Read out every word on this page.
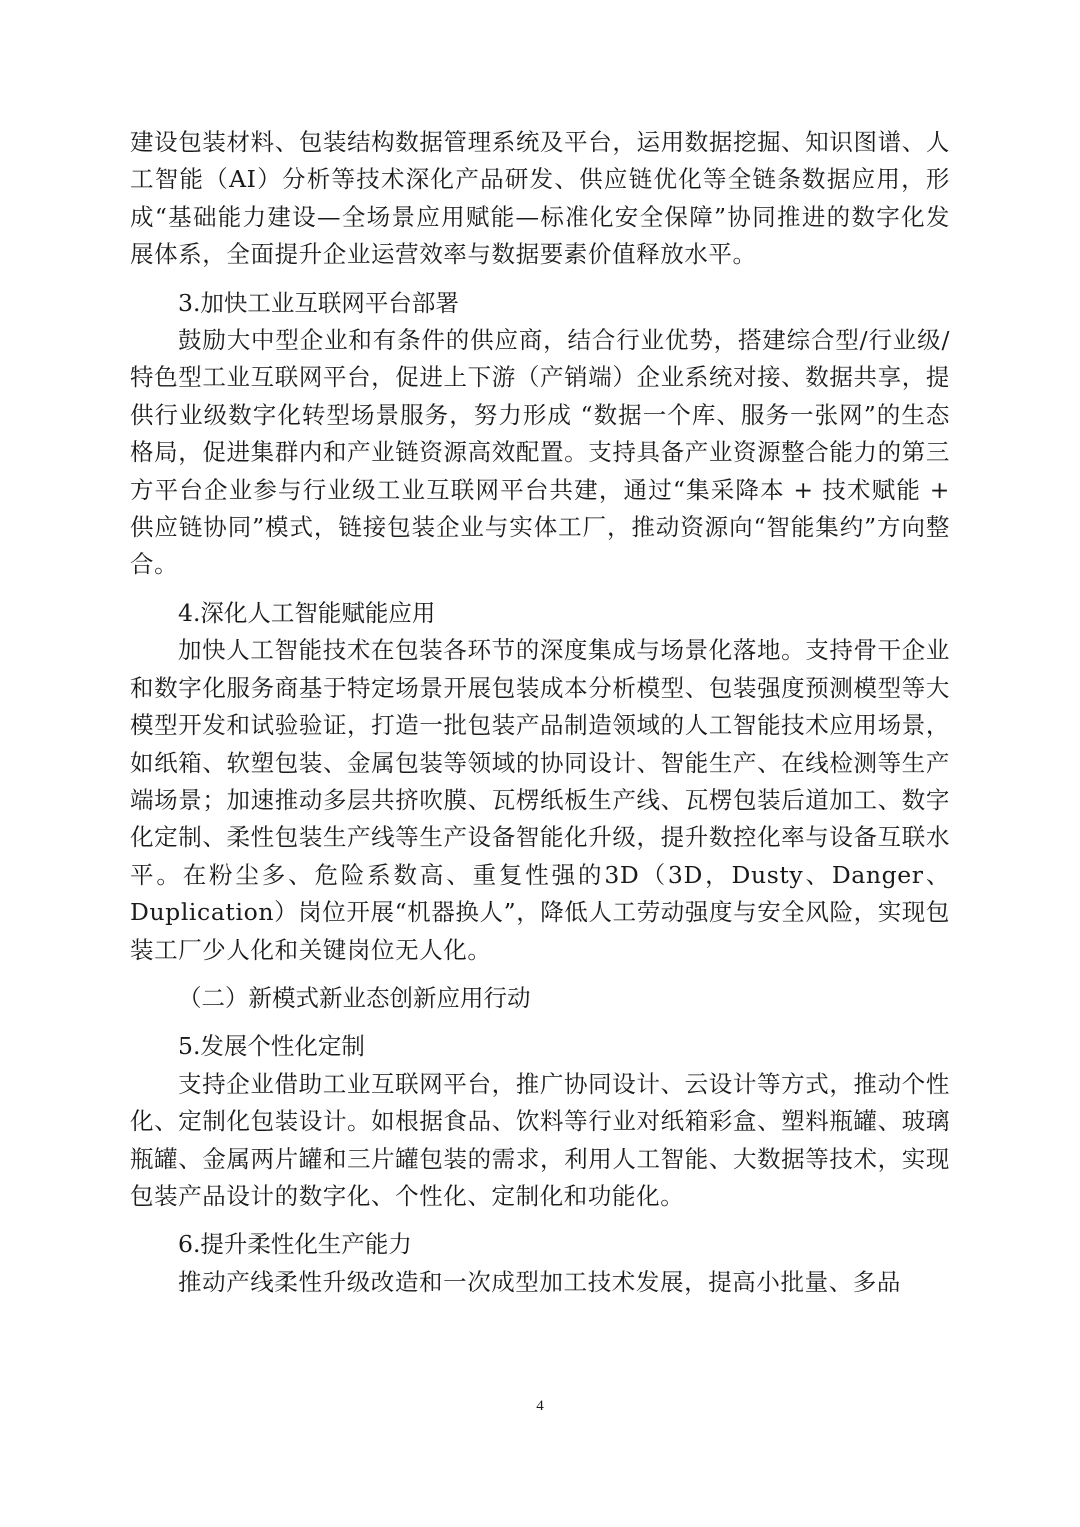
建设包装材料、包装结构数据管理系统及平台，运用数据挖掘、知识图谱、人工智能（AI）分析等技术深化产品研发、供应链优化等全链条数据应用，形成“基础能力建设—全场景应用赋能—标准化安全保障”协同推进的数字化发展体系，全面提升企业运营效率与数据要素价值释放水平。

3.加快工业互联网平台部署

鼓励大中型企业和有条件的供应商，结合行业优势，搭建综合型/行业级/特色型工业互联网平台，促进上下游（产销端）企业系统对接、数据共享，提供行业级数字化转型场景服务，努力形成 “数据一个库、服务一张网”的生态格局，促进集群内和产业链资源高效配置。支持具备产业资源整合能力的第三方平台企业参与行业级工业互联网平台共建，通过“集采降本 + 技术赋能 + 供应链协同”模式，链接包装企业与实体工厂，推动资源向“智能集约”方向整合。

4.深化人工智能赋能应用

加快人工智能技术在包装各环节的深度集成与场景化落地。支持骨干企业和数字化服务商基于特定场景开展包装成本分析模型、包装强度预测模型等大模型开发和试验验证，打造一批包装产品制造领域的人工智能技术应用场景，如纸箱、软塑包装、金属包装等领域的协同设计、智能生产、在线检测等生产端场景；加速推动多层共挤吹膜、瓦楞纸板生产线、瓦楞包装后道加工、数字化定制、柔性包装生产线等生产设备智能化升级，提升数控化率与设备互联水平。在粉尘多、危险系数高、重复性强的3D（3D，Dusty、Danger、Duplication）岗位开展“机器换人”，降低人工劳动强度与安全风险，实现包装工厂少人化和关键岗位无人化。

（二）新模式新业态创新应用行动

5.发展个性化定制

支持企业借助工业互联网平台，推广协同设计、云设计等方式，推动个性化、定制化包装设计。如根据食品、饮料等行业对纸箱彩盒、塑料瓶罐、玻璃瓶罐、金属两片罐和三片罐包装的需求，利用人工智能、大数据等技术，实现包装产品设计的数字化、个性化、定制化和功能化。

6.提升柔性化生产能力

推动产线柔性升级改造和一次成型加工技术发展，提高小批量、多品

4
